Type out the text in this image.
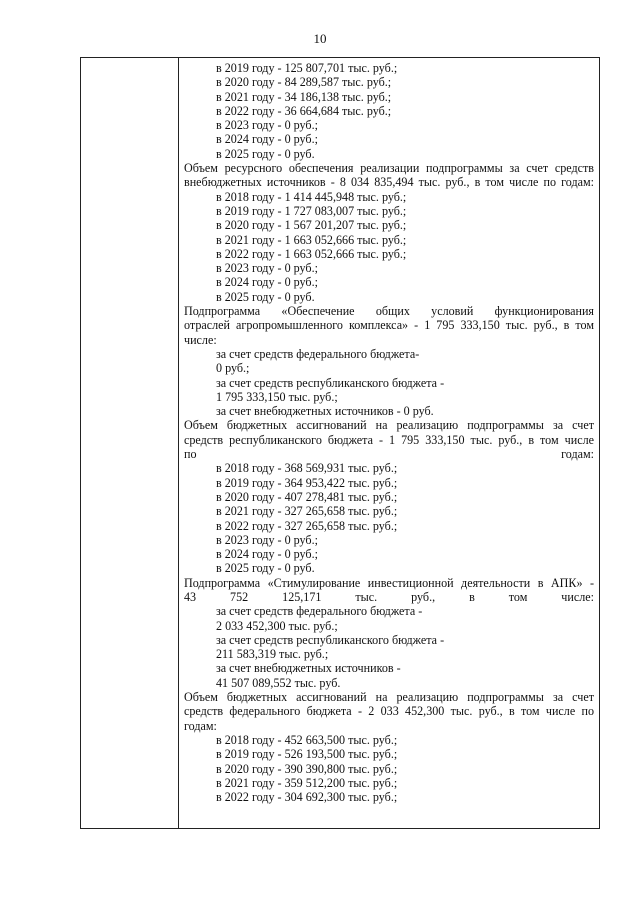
10
в 2019 году - 125 807,701 тыс. руб.;
в 2020 году - 84 289,587 тыс. руб.;
в 2021 году - 34 186,138 тыс. руб.;
в 2022 году - 36 664,684 тыс. руб.;
в 2023 году - 0 руб.;
в 2024 году - 0 руб.;
в 2025 году - 0 руб.
Объем ресурсного обеспечения реализации подпрограммы за счет средств
внебюджетных источников - 8 034 835,494 тыс. руб., в том числе по годам:
в 2018 году - 1 414 445,948 тыс. руб.;
в 2019 году - 1 727 083,007 тыс. руб.;
в 2020 году - 1 567 201,207 тыс. руб.;
в 2021 году - 1 663 052,666 тыс. руб.;
в 2022 году - 1 663 052,666 тыс. руб.;
в 2023 году - 0 руб.;
в 2024 году - 0 руб.;
в 2025 году - 0 руб.
Подпрограмма «Обеспечение общих условий функционирования
отраслей агропромышленного комплекса» - 1 795 333,150 тыс. руб., в том
числе:
за счет средств федерального бюджета-
0 руб.;
за счет средств республиканского бюджета -
1 795 333,150 тыс. руб.;
за счет внебюджетных источников - 0 руб.
Объем бюджетных ассигнований на реализацию подпрограммы за счет
средств республиканского бюджета - 1 795 333,150 тыс. руб., в том числе
по годам:
в 2018 году - 368 569,931 тыс. руб.;
в 2019 году - 364 953,422 тыс. руб.;
в 2020 году - 407 278,481 тыс. руб.;
в 2021 году - 327 265,658 тыс. руб.;
в 2022 году - 327 265,658 тыс. руб.;
в 2023 году - 0 руб.;
в 2024 году - 0 руб.;
в 2025 году - 0 руб.
Подпрограмма «Стимулирование инвестиционной деятельности в АПК» -
43 752 125,171 тыс. руб., в том числе:
за счет средств федерального бюджета -
2 033 452,300 тыс. руб.;
за счет средств республиканского бюджета -
211 583,319 тыс. руб.;
за счет внебюджетных источников -
41 507 089,552 тыс. руб.
Объем бюджетных ассигнований на реализацию подпрограммы за счет
средств федерального бюджета - 2 033 452,300 тыс. руб., в том числе по
годам:
в 2018 году - 452 663,500 тыс. руб.;
в 2019 году - 526 193,500 тыс. руб.;
в 2020 году - 390 390,800 тыс. руб.;
в 2021 году - 359 512,200 тыс. руб.;
в 2022 году - 304 692,300 тыс. руб.;
